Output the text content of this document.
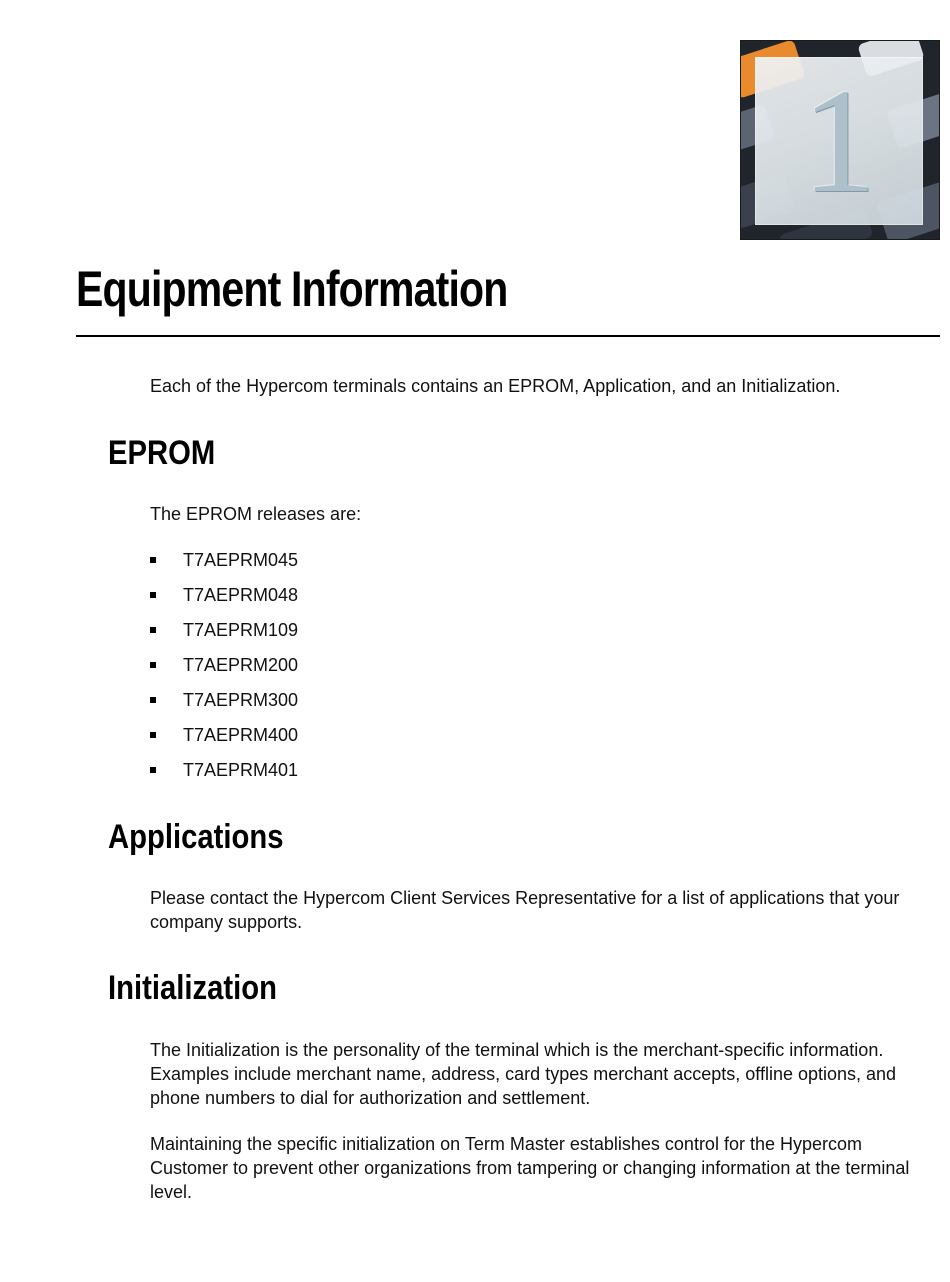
1
Equipment Information

Each of the Hypercom terminals contains an EPROM, Application, and an Initialization.

EPROM

The EPROM releases are:

T7AEPRM045
T7AEPRM048
T7AEPRM109
T7AEPRM200
T7AEPRM300
T7AEPRM400
T7AEPRM401
Applications

Please contact the Hypercom Client Services Representative for a list of applications that your company supports.

Initialization

The Initialization is the personality of the terminal which is the merchant-specific information. Examples include merchant name, address, card types merchant accepts, offline options, and phone numbers to dial for authorization and settlement.

Maintaining the specific initialization on Term Master establishes control for the Hypercom Customer to prevent other organizations from tampering or changing information at the terminal level.
